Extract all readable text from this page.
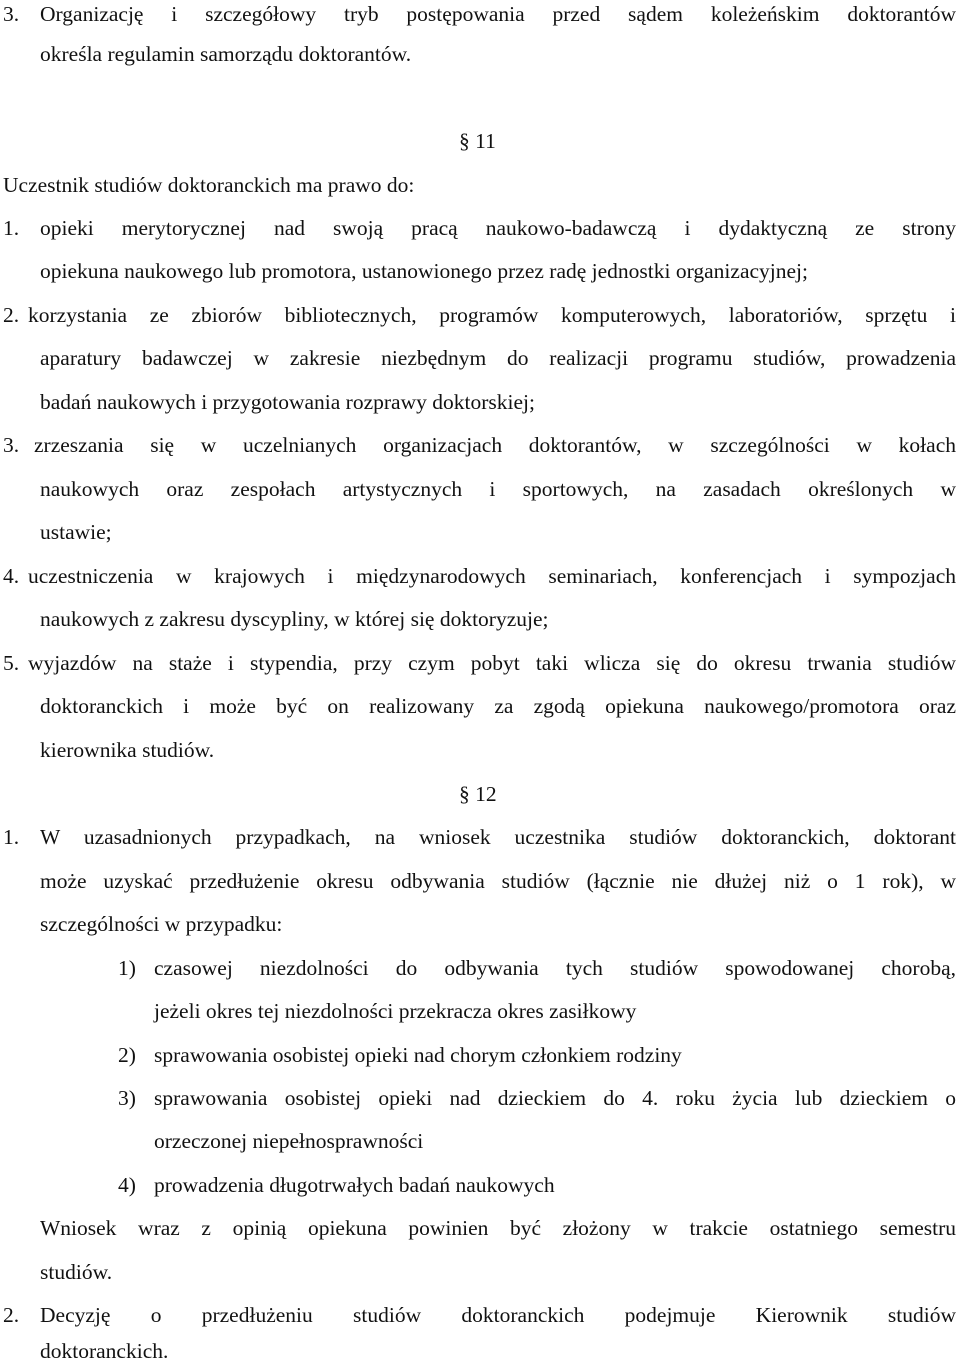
3. Organizację i szczegółowy tryb postępowania przed sądem koleżeńskim doktorantów
określa regulamin samorządu doktorantów.
§ 11
Uczestnik studiów doktoranckich ma prawo do:
1. opieki merytorycznej nad swoją pracą naukowo-badawczą i dydaktyczną ze strony
opiekuna naukowego lub promotora, ustanowionego przez radę jednostki organizacyjnej;
2. korzystania ze zbiorów bibliotecznych, programów komputerowych, laboratoriów, sprzętu i
aparatury badawczej w zakresie niezbędnym do realizacji programu studiów, prowadzenia
badań naukowych i przygotowania rozprawy doktorskiej;
3. zrzeszania się w uczelnianych organizacjach doktorantów, w szczególności w kołach
naukowych oraz zespołach artystycznych i sportowych, na zasadach określonych w
ustawie;
4. uczestniczenia w krajowych i międzynarodowych seminariach, konferencjach i sympozjach
naukowych z zakresu dyscypliny, w której się doktoryzuje;
5. wyjazdów na staże i stypendia, przy czym pobyt taki wlicza się do okresu trwania studiów
doktoranckich i może być on realizowany za zgodą opiekuna naukowego/promotora oraz
kierownika studiów.
§ 12
1. W uzasadnionych przypadkach, na wniosek uczestnika studiów doktoranckich, doktorant
może uzyskać przedłużenie okresu odbywania studiów (łącznie nie dłużej niż o 1 rok), w
szczególności w przypadku:
1) czasowej niezdolności do odbywania tych studiów spowodowanej chorobą,
jeżeli okres tej niezdolności przekracza okres zasiłkowy
2) sprawowania osobistej opieki nad chorym członkiem rodziny
3) sprawowania osobistej opieki nad dzieckiem do 4. roku życia lub dzieckiem o
orzeczonej niepełnosprawności
4) prowadzenia długotrwałych badań naukowych
Wniosek wraz z opinią opiekuna powinien być złożony w trakcie ostatniego semestru
studiów.
2. Decyzję o przedłużeniu studiów doktoranckich podejmuje Kierownik studiów
doktoranckich.
